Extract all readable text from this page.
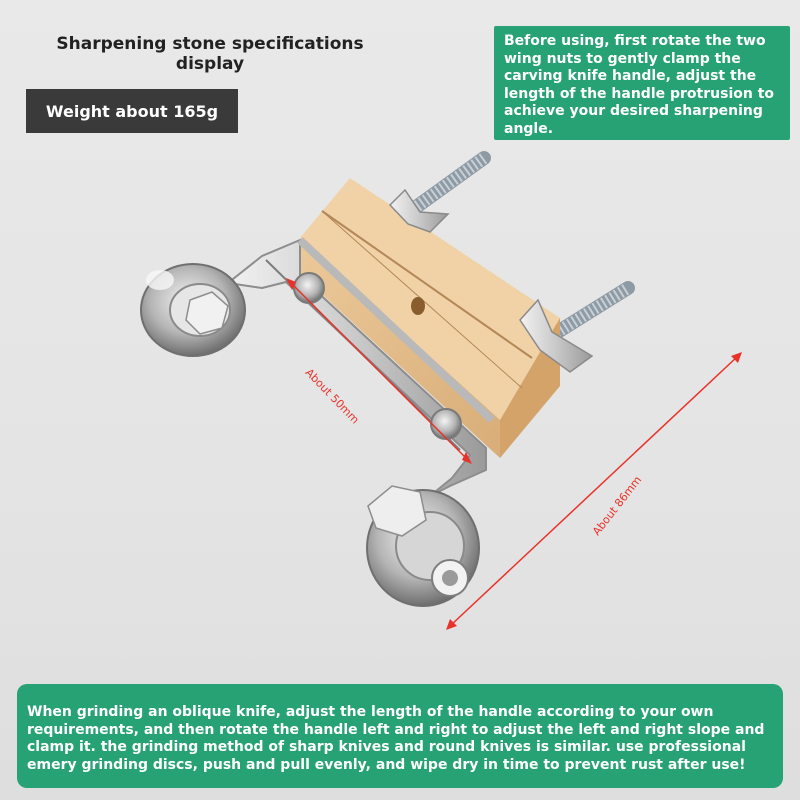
Sharpening stone specifications display
Weight about 165g
Before using, first rotate the two wing nuts to gently clamp the carving knife handle, adjust the length of the handle protrusion to achieve your desired sharpening angle.
About 50mm
About 86mm
When grinding an oblique knife, adjust the length of the handle according to your own requirements, and then rotate the handle left and right to adjust the left and right slope and clamp it. the grinding method of sharp knives and round knives is similar. use professional emery grinding discs, push and pull evenly, and wipe dry in time to prevent rust after use!
